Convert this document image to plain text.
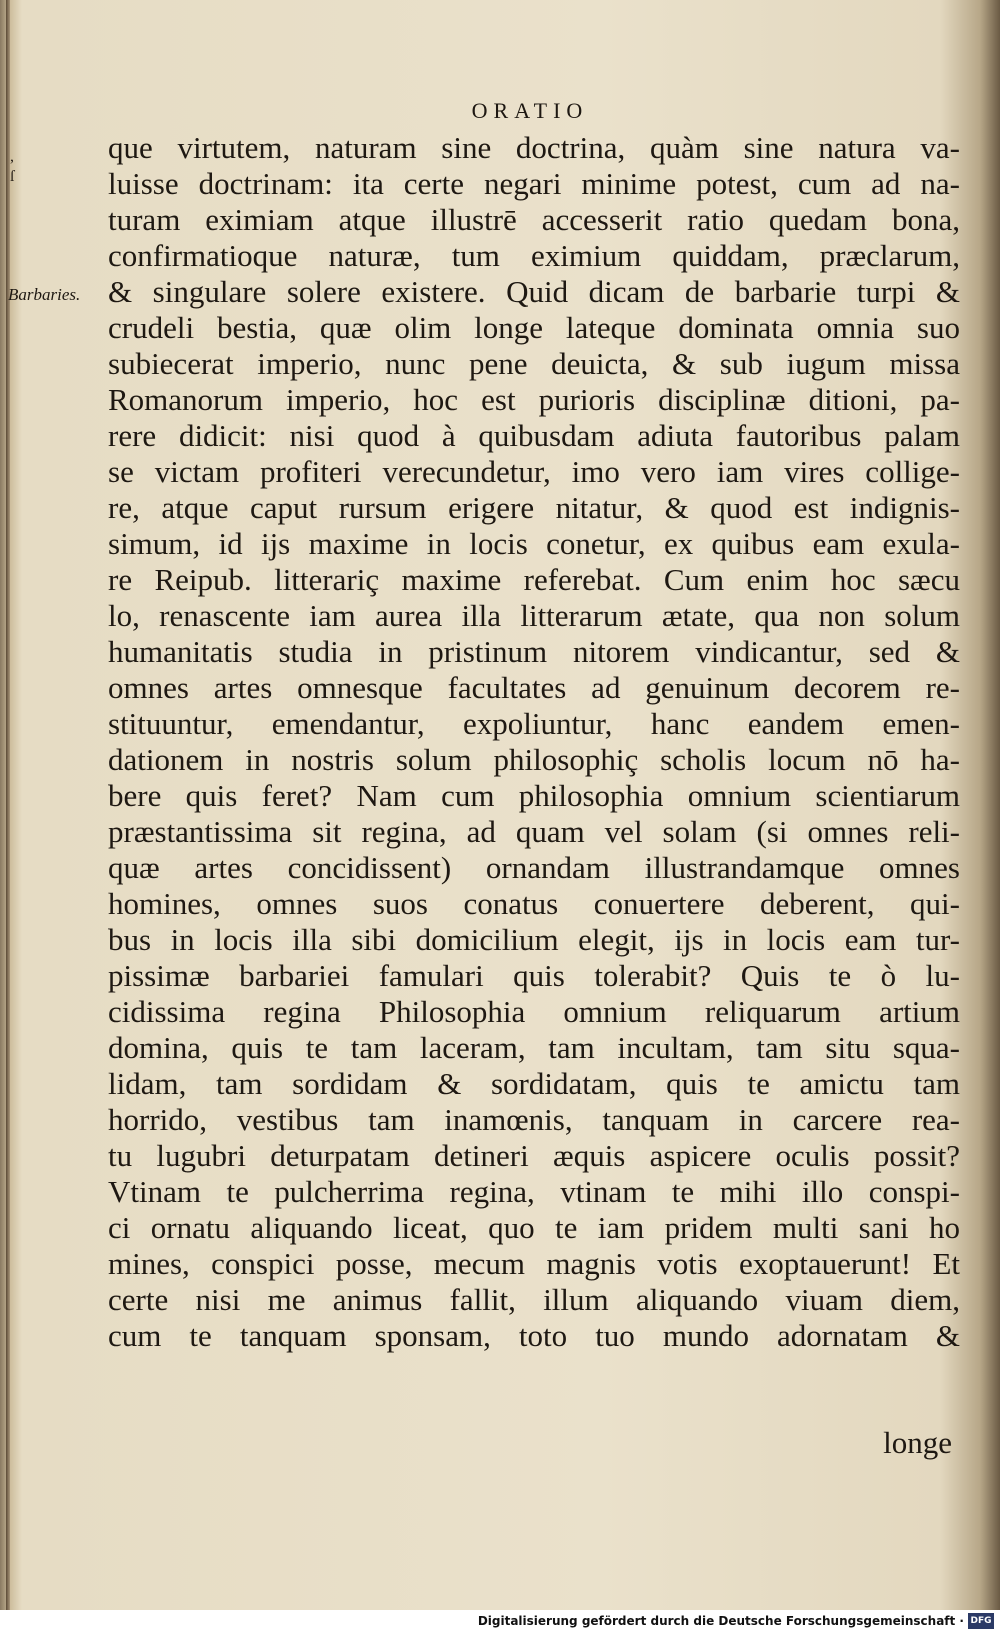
,
ſ
ORATIO
Barbaries.
que virtutem, naturam sine doctrina, quàm sine natura va-
luisse doctrinam: ita certe negari minime potest, cum ad na-
turam eximiam atque illustrē accesserit ratio quedam bona,
confirmatioque naturæ, tum eximium quiddam, præclarum,
& singulare solere existere. Quid dicam de barbarie turpi &
crudeli bestia, quæ olim longe lateque dominata omnia suo
subiecerat imperio, nunc pene deuicta, & sub iugum missa
Romanorum imperio, hoc est purioris disciplinæ ditioni, pa-
rere didicit: nisi quod à quibusdam adiuta fautoribus palam
se victam profiteri verecundetur, imo vero iam vires collige-
re, atque caput rursum erigere nitatur, & quod est indignis-
simum, id ijs maxime in locis conetur, ex quibus eam exula-
re Reipub. litterariç maxime referebat. Cum enim hoc sæcu
lo, renascente iam aurea illa litterarum ætate, qua non solum
humanitatis studia in pristinum nitorem vindicantur, sed &
omnes artes omnesque facultates ad genuinum decorem re-
stituuntur, emendantur, expoliuntur, hanc eandem emen-
dationem in nostris solum philosophiç scholis locum nō ha-
bere quis feret? Nam cum philosophia omnium scientiarum
præstantissima sit regina, ad quam vel solam (si omnes reli-
quæ artes concidissent) ornandam illustrandamque omnes
homines, omnes suos conatus conuertere deberent, qui-
bus in locis illa sibi domicilium elegit, ijs in locis eam tur-
pissimæ barbariei famulari quis tolerabit? Quis te ò lu-
cidissima regina Philosophia omnium reliquarum artium
domina, quis te tam laceram, tam incultam, tam situ squa-
lidam, tam sordidam & sordidatam, quis te amictu tam
horrido, vestibus tam inamœnis, tanquam in carcere rea-
tu lugubri deturpatam detineri æquis aspicere oculis possit?
Vtinam te pulcherrima regina, vtinam te mihi illo conspi-
ci ornatu aliquando liceat, quo te iam pridem multi sani ho
mines, conspici posse, mecum magnis votis exoptauerunt! Et
certe nisi me animus fallit, illum aliquando viuam diem,
cum te tanquam sponsam, toto tuo mundo adornatam &
longe
Digitalisierung gefördert durch die Deutsche Forschungsgemeinschaft · DFG
